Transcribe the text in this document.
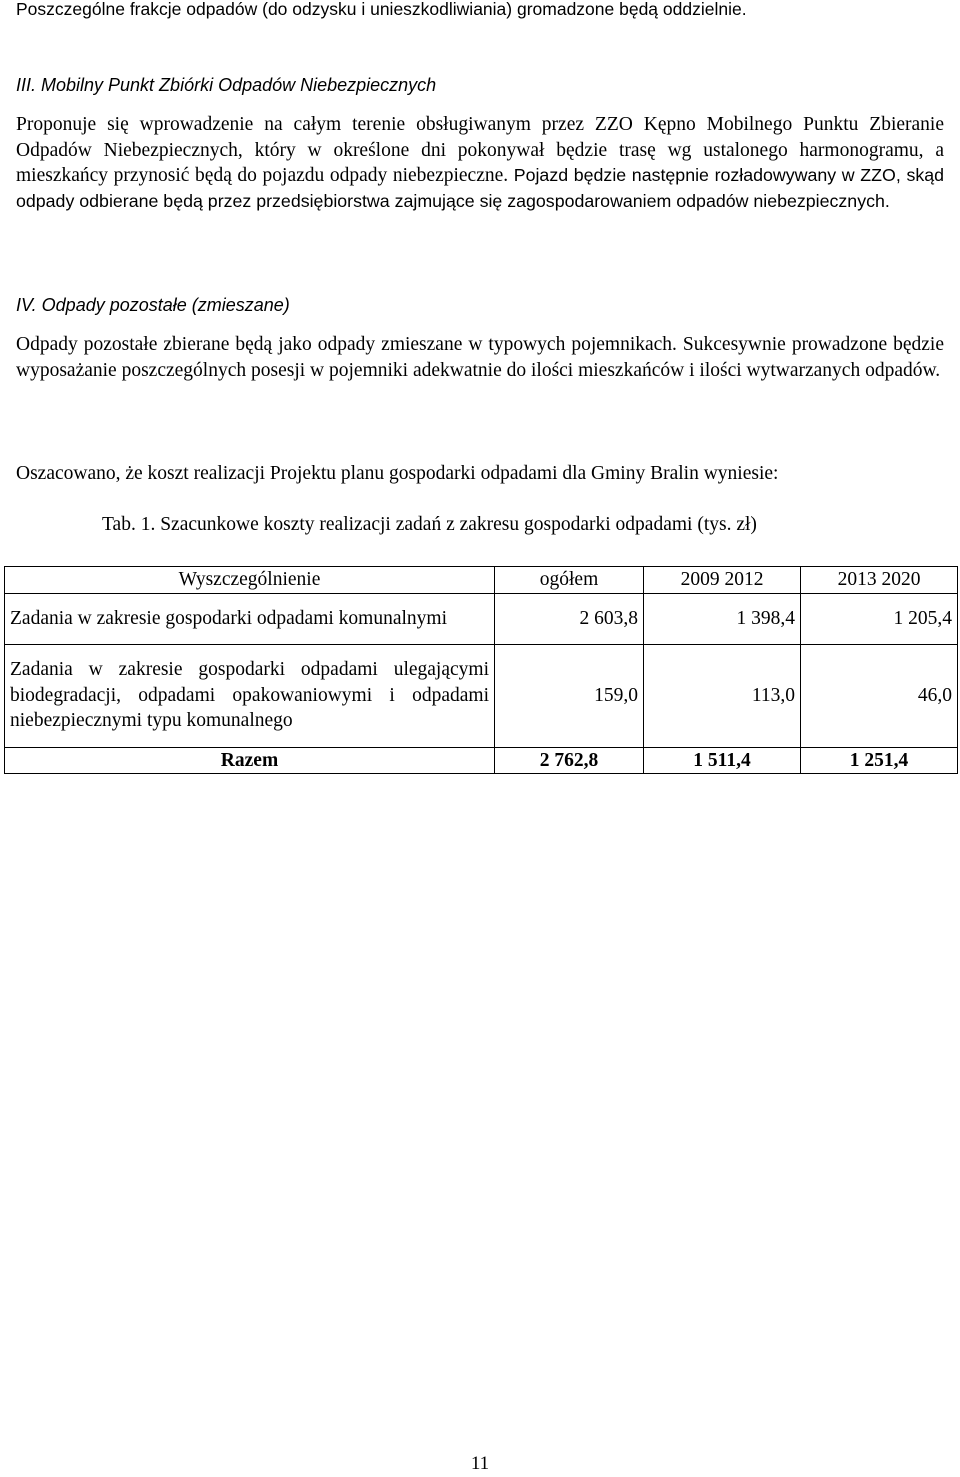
Poszczególne frakcje odpadów (do odzysku i unieszkodliwiania) gromadzone będą oddzielnie.
III. Mobilny Punkt Zbiórki Odpadów Niebezpiecznych

Proponuje się wprowadzenie na całym terenie obsługiwanym przez ZZO Kępno Mobilnego Punktu Zbieranie Odpadów Niebezpiecznych, który w określone dni pokonywał będzie trasę wg ustalonego harmonogramu, a mieszkańcy przynosić będą do pojazdu odpady niebezpieczne. Pojazd będzie następnie rozładowywany w ZZO, skąd odpady odbierane będą przez przedsiębiorstwa zajmujące się zagospodarowaniem odpadów niebezpiecznych.

IV. Odpady pozostałe (zmieszane)

Odpady pozostałe zbierane będą jako odpady zmieszane w typowych pojemnikach. Sukcesywnie prowadzone będzie wyposażanie poszczególnych posesji w pojemniki adekwatnie do ilości mieszkańców i ilości wytwarzanych odpadów.

Oszacowano, że koszt realizacji Projektu planu gospodarki odpadami dla Gminy Bralin wyniesie:

Tab. 1. Szacunkowe koszty realizacji zadań z zakresu gospodarki odpadami (tys. zł)
Wyszczególnienie	ogółem	2009 2012	2013 2020
Zadania w zakresie gospodarki odpadami komunalnymi	2 603,8	1 398,4	1 205,4
Zadania w zakresie gospodarki odpadami ulegającymi biodegradacji, odpadami opakowaniowymi i odpadami niebezpiecznymi typu komunalnego	159,0	113,0	46,0
Razem	2 762,8	1 511,4	1 251,4
11
